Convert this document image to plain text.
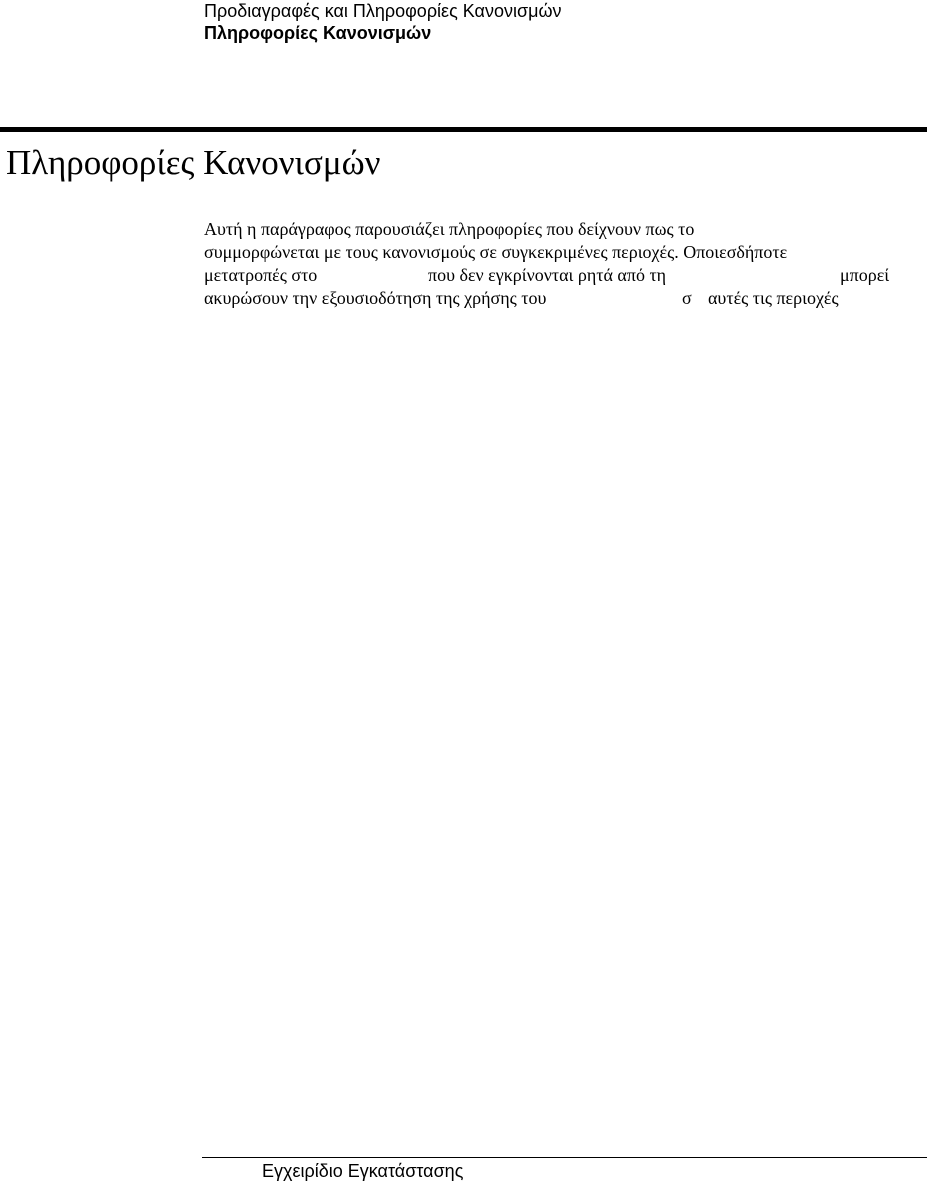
Προδιαγραφές και Πληροφορίες Κανονισμών
Πληροφορίες Κανονισμών
Πληροφορίες Κανονισμών
Αυτή η παράγραφος παρουσιάζει πληροφορίες που δείχνουν πως το
συμμορφώνεται με τους κανονισμούς σε συγκεκριμένες περιοχές. Οποιεσδήποτε
μετατροπές στο	που δεν εγκρίνονται ρητά από τη	μπορεί
ακυρώσουν την εξουσιοδότηση της χρήσης του	σ αυτές τις περιοχές
Εγχειρίδιο Εγκατάστασης
